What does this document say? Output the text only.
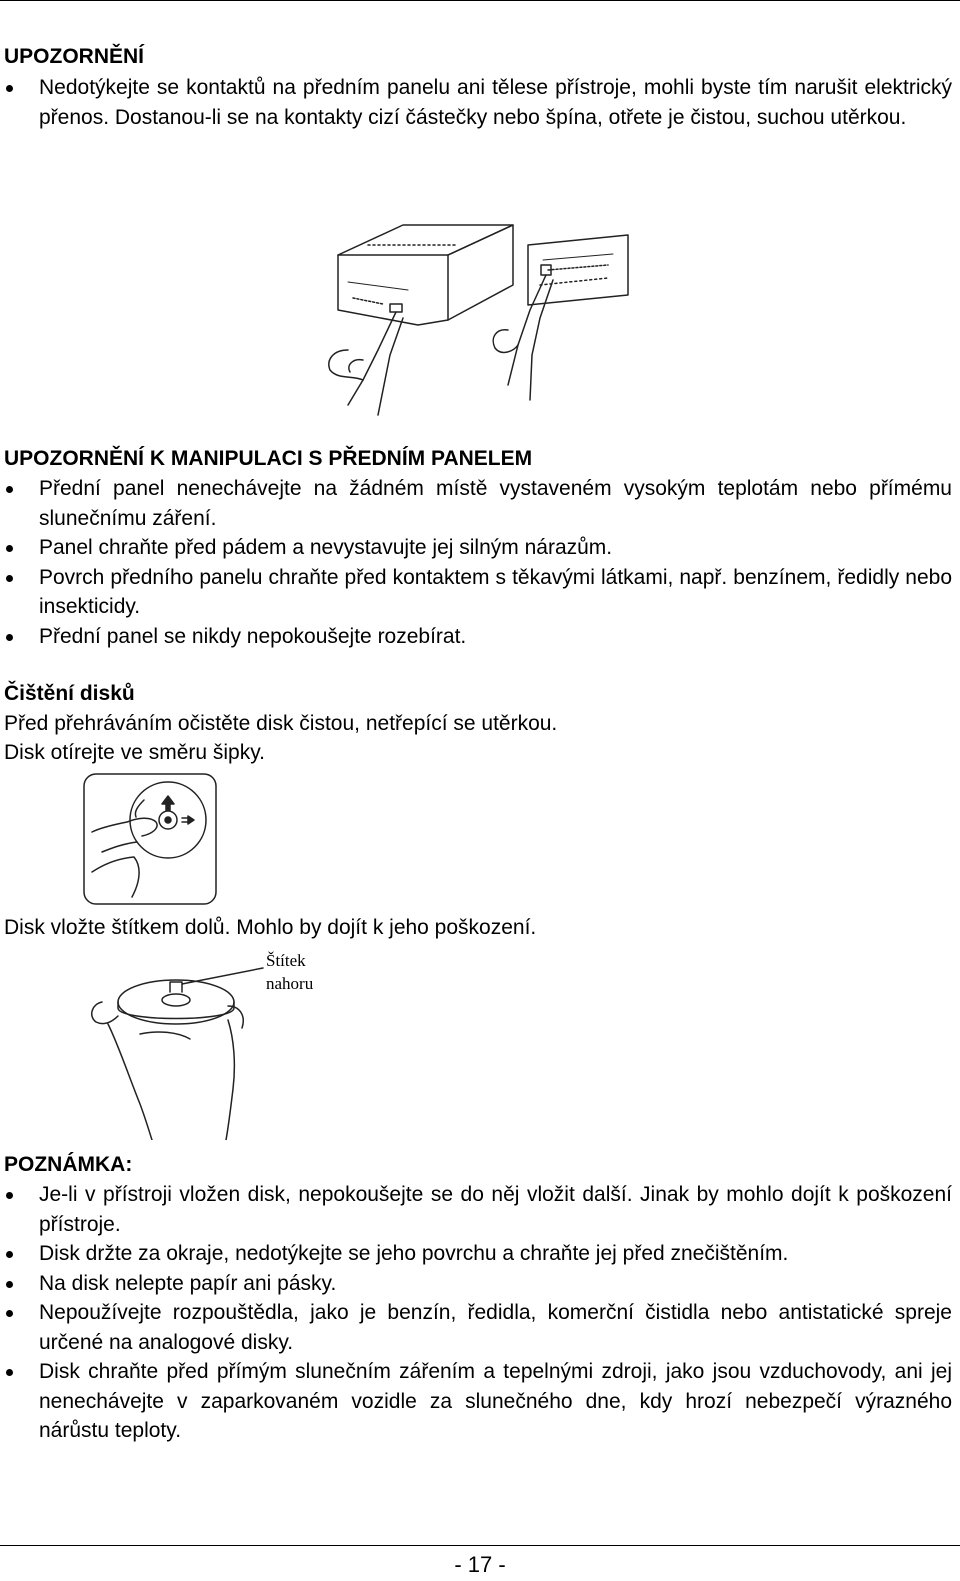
UPOZORNĚNÍ
Nedotýkejte se kontaktů na předním panelu ani tělese přístroje, mohli byste tím narušit elektrický přenos. Dostanou-li se na kontakty cizí částečky nebo špína, otřete je čistou, suchou utěrkou.
UPOZORNĚNÍ K MANIPULACI S PŘEDNÍM PANELEM
Přední panel nenechávejte na žádném místě vystaveném vysokým teplotám nebo přímému slunečnímu záření.
Panel chraňte před pádem a nevystavujte jej silným nárazům.
Povrch předního panelu chraňte před kontaktem s těkavými látkami, např. benzínem, ředidly nebo insekticidy.
Přední panel se nikdy nepokoušejte rozebírat.
Čištění disků
Před přehráváním očistěte disk čistou, netřepící se utěrkou.
Disk otírejte ve směru šipky.
Disk vložte štítkem dolů. Mohlo by dojít k jeho poškození.
Štítek
nahoru
POZNÁMKA:
Je-li v přístroji vložen disk, nepokoušejte se do něj vložit další. Jinak by mohlo dojít k poškození přístroje.
Disk držte za okraje, nedotýkejte se jeho povrchu a chraňte jej před znečištěním.
Na disk nelepte papír ani pásky.
Nepoužívejte rozpouštědla, jako je benzín, ředidla, komerční čistidla nebo antistatické spreje určené na analogové disky.
Disk chraňte před přímým slunečním zářením a tepelnými zdroji, jako jsou vzduchovody, ani jej nenechávejte v zaparkovaném vozidle za slunečného dne, kdy hrozí nebezpečí výrazného nárůstu teploty.
- 17 -
